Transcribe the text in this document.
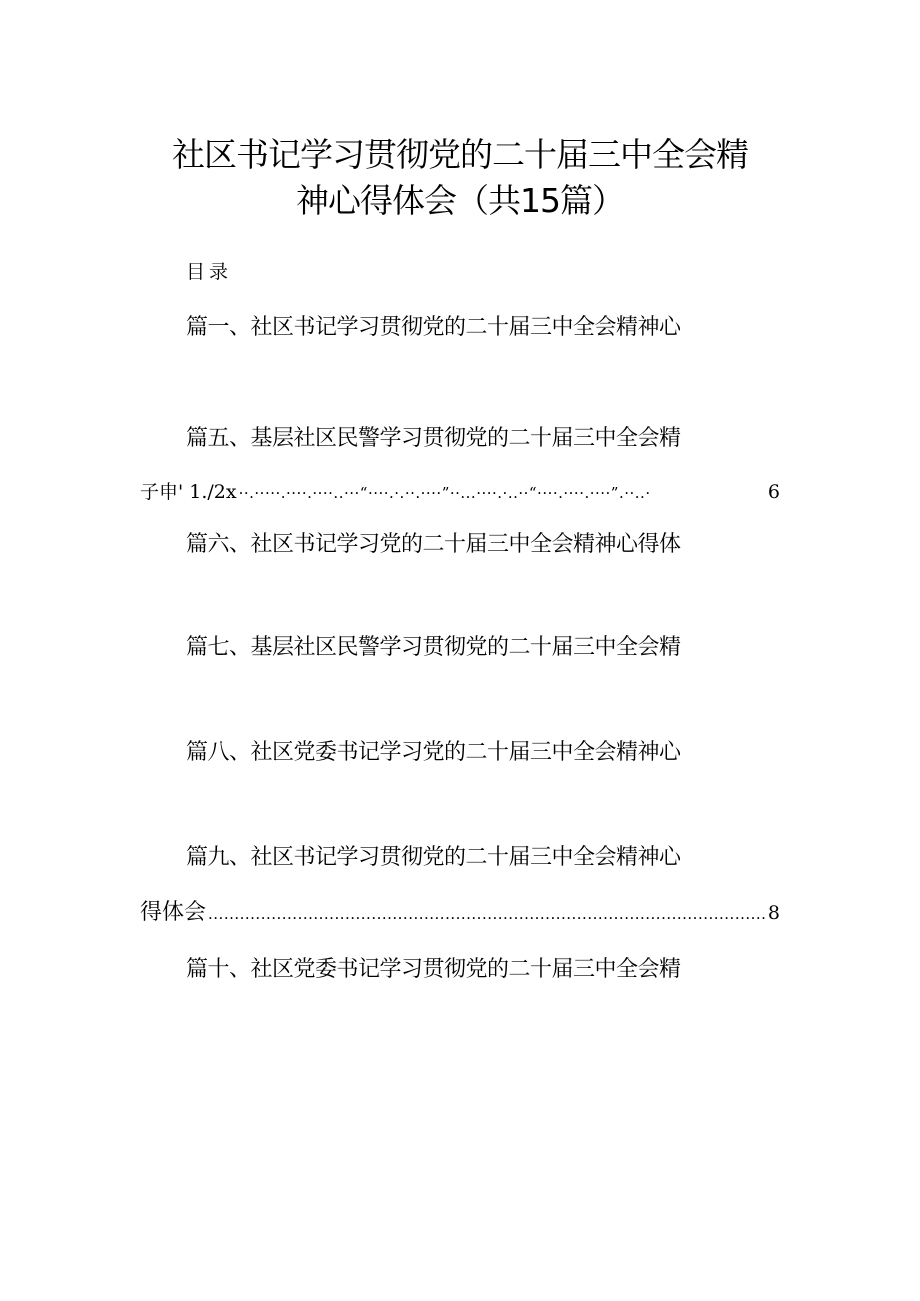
社区书记学习贯彻党的二十届三中全会精
神心得体会（共15篇）
目录
篇一、社区书记学习贯彻党的二十届三中全会精神心
篇五、基层社区民警学习贯彻党的二十届三中全会精
子申' 1./2x ··.·····.····.····..···“····.·.··.····”··...····.·..··“····.····.····”.··..·	6
篇六、社区书记学习党的二十届三中全会精神心得体
篇七、基层社区民警学习贯彻党的二十届三中全会精
篇八、社区党委书记学习党的二十届三中全会精神心
篇九、社区书记学习贯彻党的二十届三中全会精神心
得体会 .......................................................................................................... 8
篇十、社区党委书记学习贯彻党的二十届三中全会精
